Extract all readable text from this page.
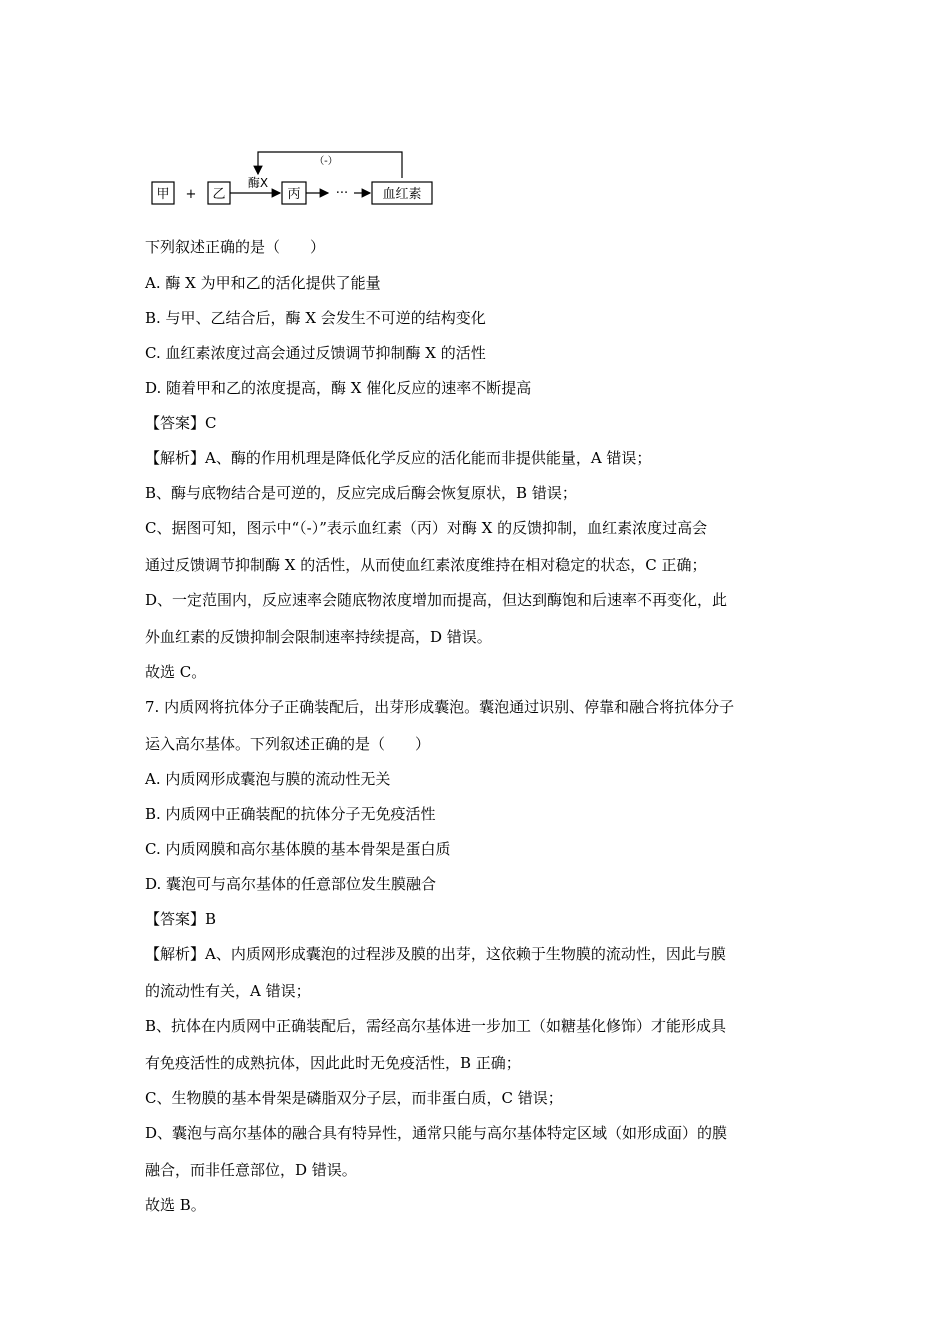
（-）
甲 + 乙
酶X
丙	···	血红素
下列叙述正确的是（　　）
A. 酶 X 为甲和乙的活化提供了能量
B. 与甲、乙结合后，酶 X 会发生不可逆的结构变化
C. 血红素浓度过高会通过反馈调节抑制酶 X 的活性
D. 随着甲和乙的浓度提高，酶 X 催化反应的速率不断提高
【答案】C
【解析】A、酶的作用机理是降低化学反应的活化能而非提供能量，A 错误；
B、酶与底物结合是可逆的，反应完成后酶会恢复原状，B 错误；
C、据图可知，图示中“（-）”表示血红素（丙）对酶 X 的反馈抑制，血红素浓度过高会
通过反馈调节抑制酶 X 的活性，从而使血红素浓度维持在相对稳定的状态，C 正确；
D、一定范围内，反应速率会随底物浓度增加而提高，但达到酶饱和后速率不再变化，此
外血红素的反馈抑制会限制速率持续提高，D 错误。
故选 C。
7. 内质网将抗体分子正确装配后，出芽形成囊泡。囊泡通过识别、停靠和融合将抗体分子
运入高尔基体。下列叙述正确的是（　　）
A. 内质网形成囊泡与膜的流动性无关
B. 内质网中正确装配的抗体分子无免疫活性
C. 内质网膜和高尔基体膜的基本骨架是蛋白质
D. 囊泡可与高尔基体的任意部位发生膜融合
【答案】B
【解析】A、内质网形成囊泡的过程涉及膜的出芽，这依赖于生物膜的流动性，因此与膜
的流动性有关，A 错误；
B、抗体在内质网中正确装配后，需经高尔基体进一步加工（如糖基化修饰）才能形成具
有免疫活性的成熟抗体，因此此时无免疫活性，B 正确；
C、生物膜的基本骨架是磷脂双分子层，而非蛋白质，C 错误；
D、囊泡与高尔基体的融合具有特异性，通常只能与高尔基体特定区域（如形成面）的膜
融合，而非任意部位，D 错误。
故选 B。
